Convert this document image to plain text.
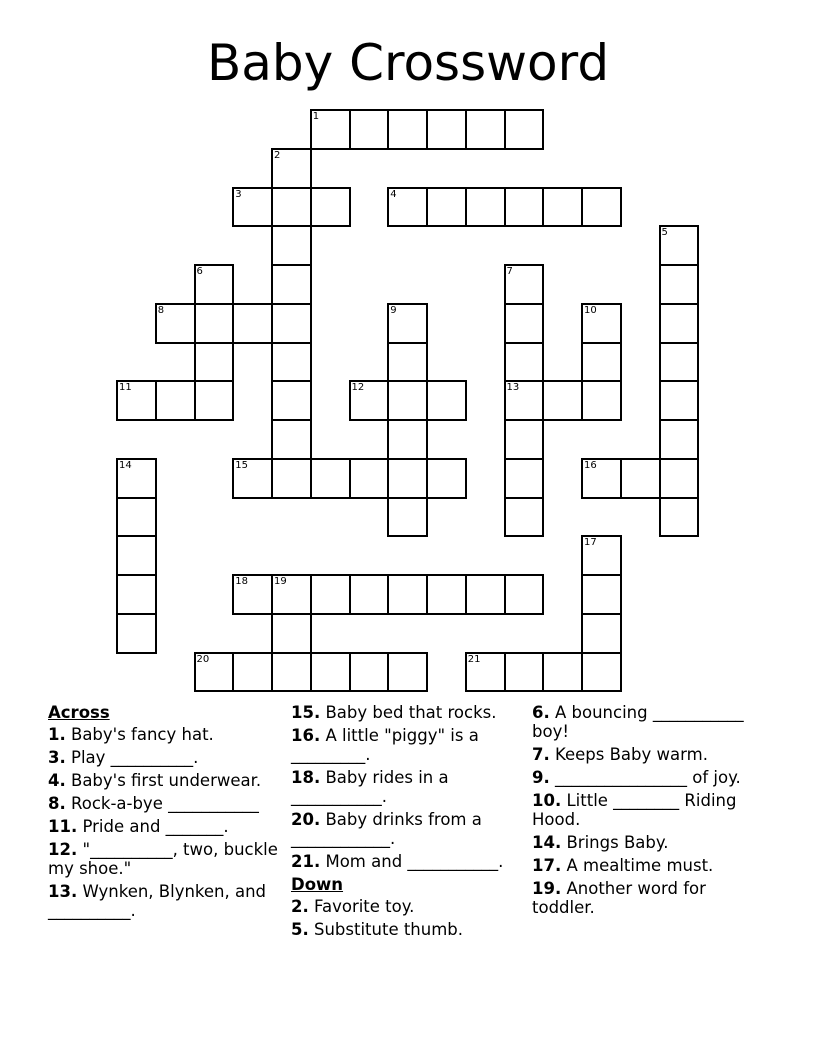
Baby Crossword
1
2
3	4
5
6	7
13
8	9	10
11	12
14	15	16
17
18	19
20	21
Across
1. Baby's fancy hat.
3. Play __________.
4. Baby's first underwear.
8. Rock-a-bye ___________
11. Pride and _______.
12. "__________, two, buckle my shoe."
13. Wynken, Blynken, and __________.
15. Baby bed that rocks.
16. A little "piggy" is a _________.
18. Baby rides in a ___________.
20. Baby drinks from a ____________.
21. Mom and ___________.
Down
2. Favorite toy.
5. Substitute thumb.
6. A bouncing ___________ boy!
7. Keeps Baby warm.
9. ________________ of joy.
10. Little ________ Riding Hood.
14. Brings Baby.
17. A mealtime must.
19. Another word for toddler.
